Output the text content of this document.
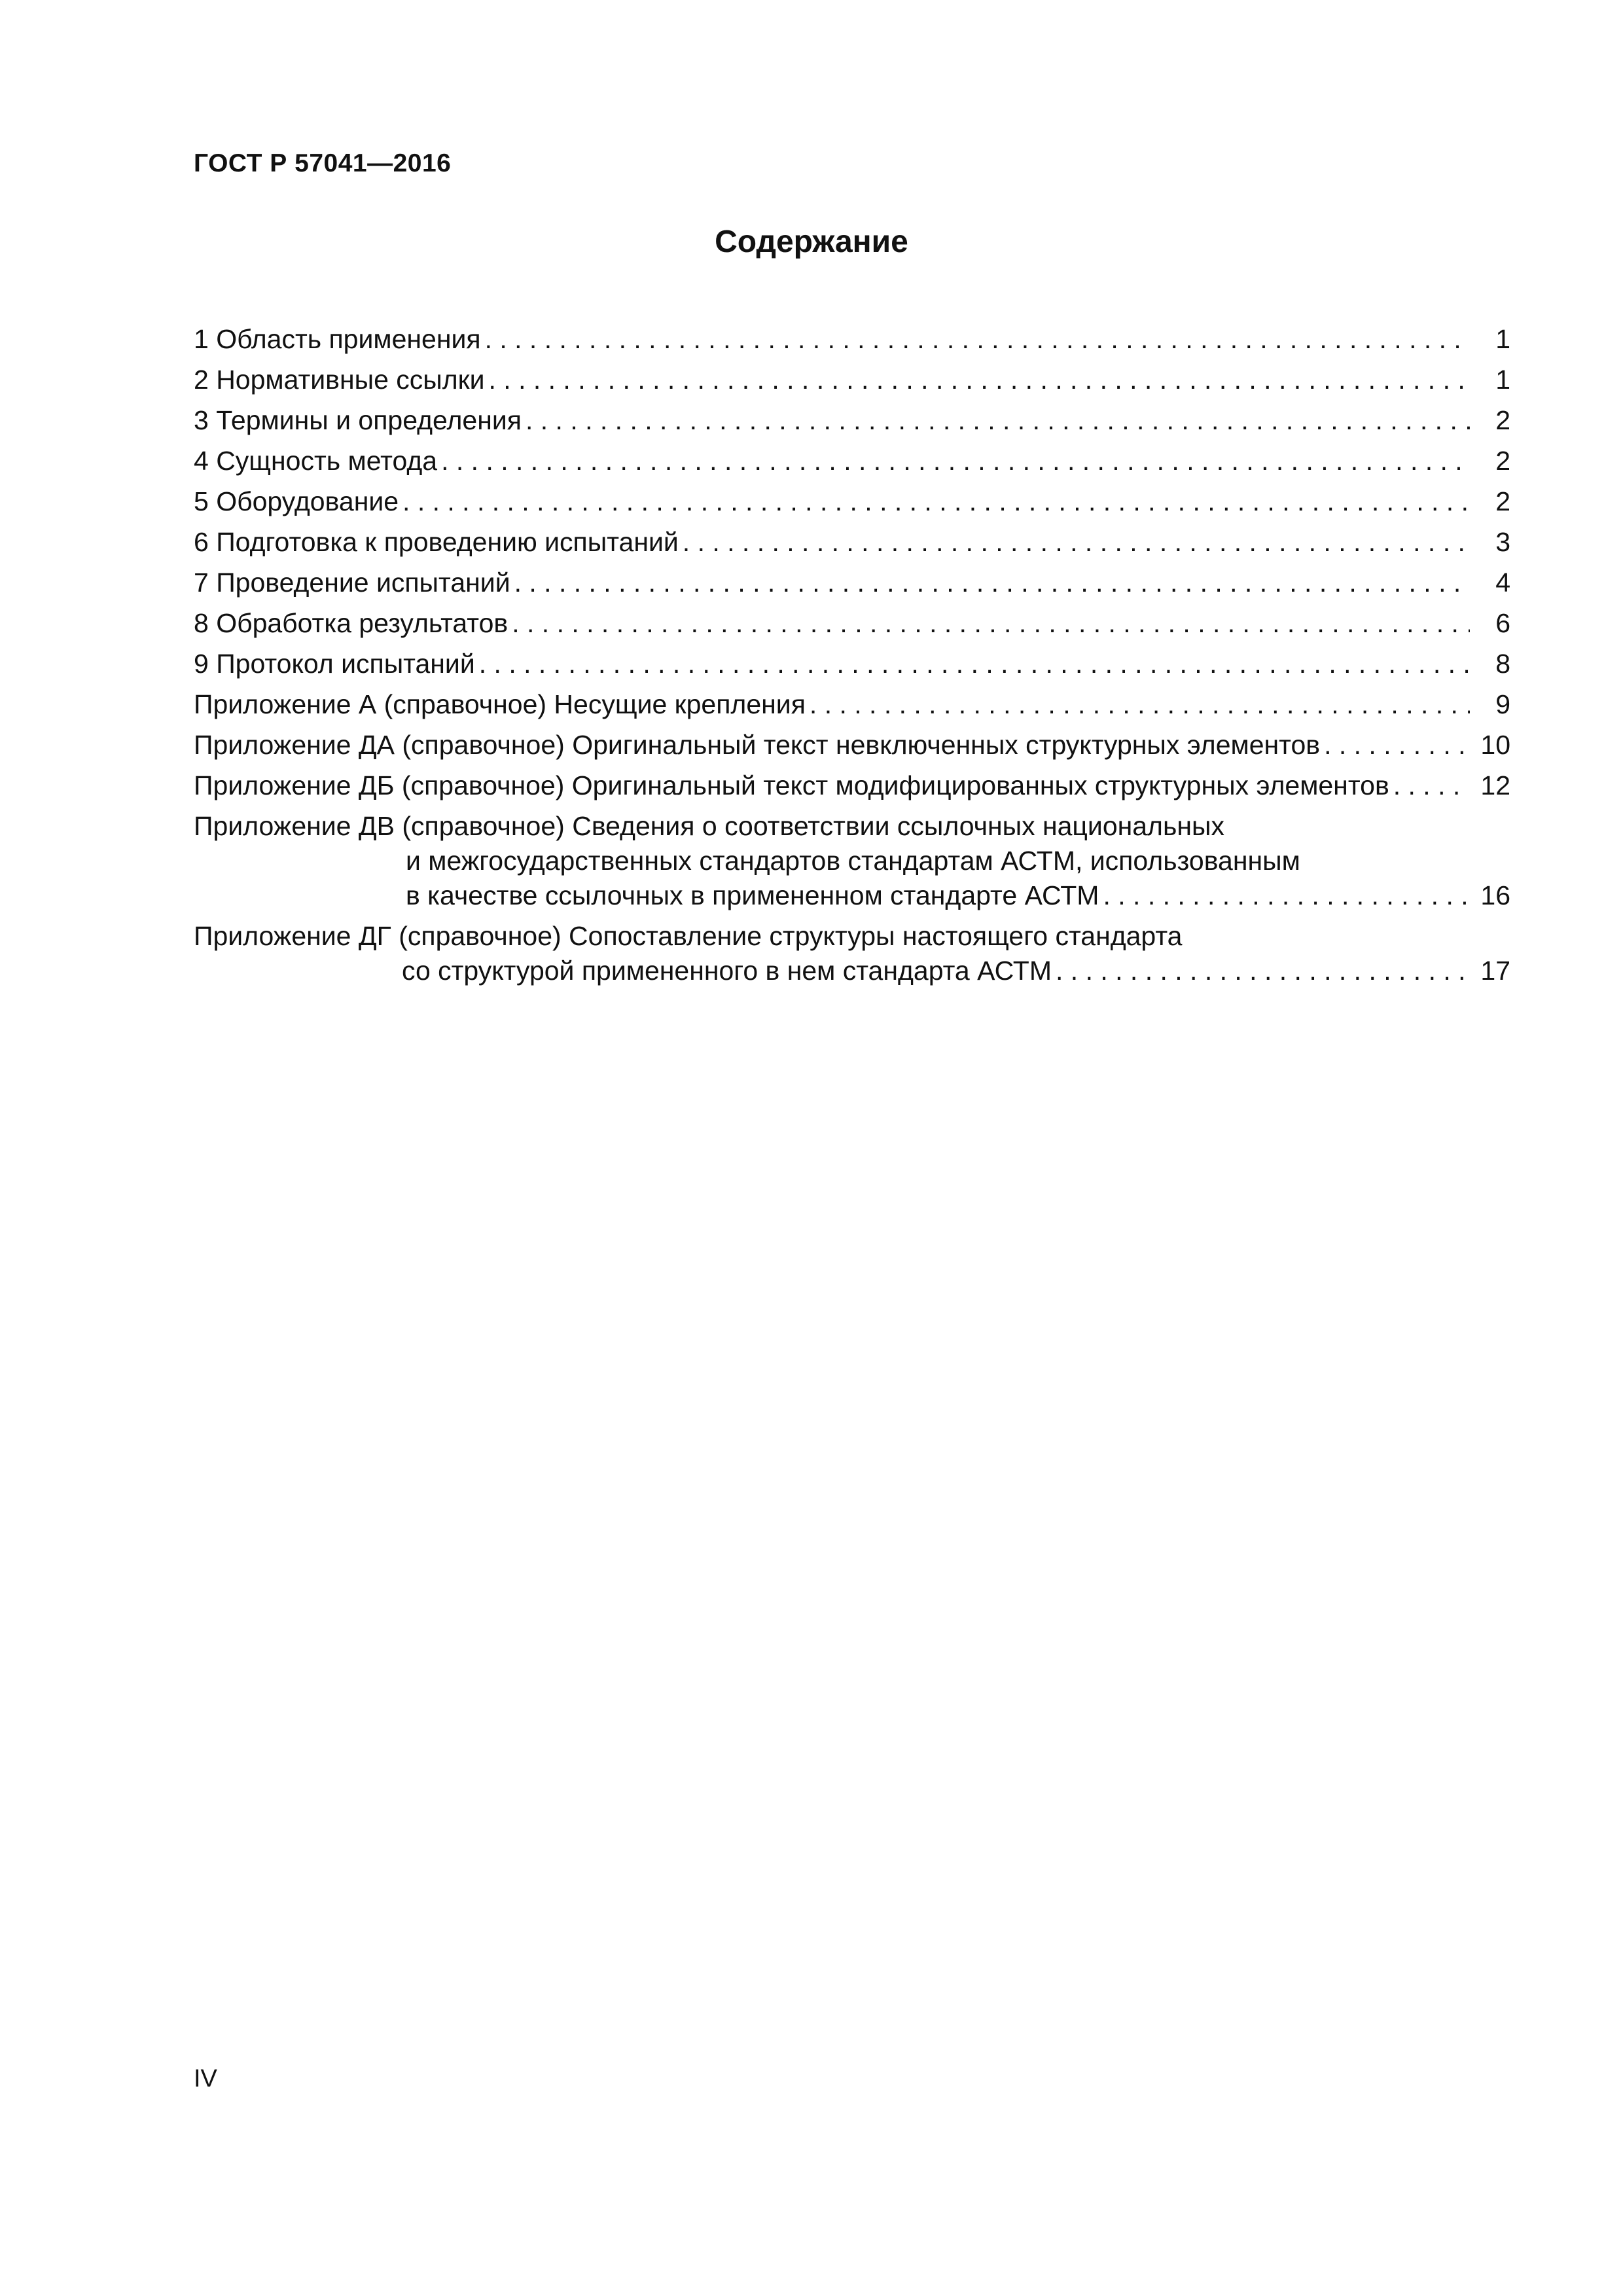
ГОСТ Р 57041—2016
Содержание
1 Область применения . . .	1
2 Нормативные ссылки . . .	1
3 Термины и определения . . .	2
4 Сущность метода . . .	2
5 Оборудование . . .	2
6 Подготовка к проведению испытаний . . .	3
7 Проведение испытаний . . .	4
8 Обработка результатов . . .	6
9 Протокол испытаний . . .	8
Приложение А (справочное) Несущие крепления . . .	9
Приложение ДА (справочное) Оригинальный текст невключенных структурных элементов . . .	10
Приложение ДБ (справочное) Оригинальный текст модифицированных структурных элементов . . .	12
Приложение ДВ (справочное) Сведения о соответствии ссылочных национальных
и межгосударственных стандартов стандартам АСТМ, использованным
в качестве ссылочных в примененном стандарте АСТМ . . .	16
Приложение ДГ (справочное) Сопоставление структуры настоящего стандарта
со структурой примененного в нем стандарта АСТМ . . .	17
IV
